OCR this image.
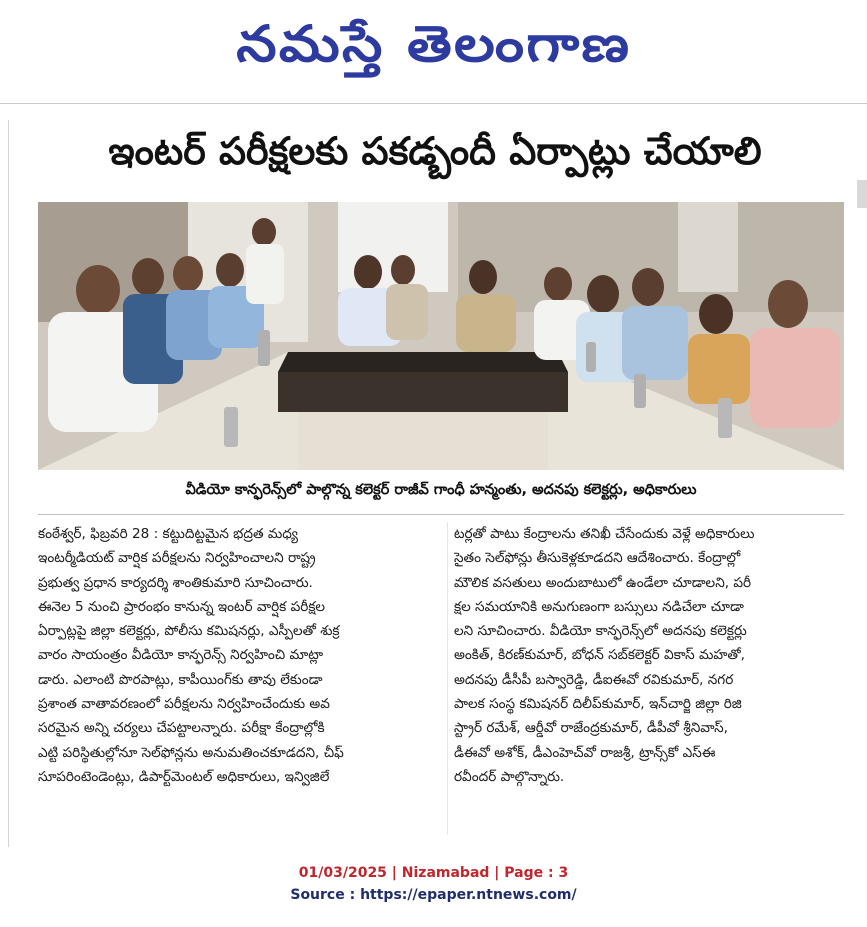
నమస్తే తెలంగాణ
ఇంటర్ పరీక్షలకు పకడ్బందీ ఏర్పాట్లు చేయాలి
వీడియో కాన్ఫరెన్స్‌లో పాల్గొన్న కలెక్టర్ రాజీవ్ గాంధీ హన్మంతు, అదనపు కలెక్టర్లు, అధికారులు
కంఠేశ్వర్, ఫిబ్రవరి 28 : కట్టుదిట్టమైన భద్రత మధ్య
ఇంటర్మీడియట్ వార్షిక పరీక్షలను నిర్వహించాలని రాష్ట్ర
ప్రభుత్వ ప్రధాన కార్యదర్శి శాంతికుమారి సూచించారు.
ఈనెల 5 నుంచి ప్రారంభం కానున్న ఇంటర్ వార్షిక పరీక్షల
ఏర్పాట్లపై జిల్లా కలెక్టర్లు, పోలీసు కమిషనర్లు, ఎస్పీలతో శుక్ర
వారం సాయంత్రం వీడియో కాన్ఫరెన్స్ నిర్వహించి మాట్లా
డారు. ఎలాంటి పొరపాట్లు, కాపీయింగ్‌కు తావు లేకుండా
ప్రశాంత వాతావరణంలో పరీక్షలను నిర్వహించేందుకు అవ
సరమైన అన్ని చర్యలు చేపట్టాలన్నారు. పరీక్షా కేంద్రాల్లోకి
ఎట్టి పరిస్థితుల్లోనూ సెల్‌ఫోన్లను అనుమతించకూడదని, చీఫ్
సూపరింటెండెంట్లు, డిపార్ట్‌మెంటల్ అధికారులు, ఇన్విజిలే
టర్లతో పాటు కేంద్రాలను తనిఖీ చేసేందుకు వెళ్లే అధికారులు
సైతం సెల్‌ఫోన్లు తీసుకెళ్లకూడదని ఆదేశించారు. కేంద్రాల్లో
మౌలిక వసతులు అందుబాటులో ఉండేలా చూడాలని, పరీ
క్షల సమయానికి అనుగుణంగా బస్సులు నడిచేలా చూడా
లని సూచించారు. వీడియో కాన్ఫరెన్స్‌లో అదనపు కలెక్టర్లు
అంకిత్, కిరణ్‌కుమార్, బోధన్ సబ్‌కలెక్టర్ వికాస్ మహతో,
అదనపు డీసీపీ బస్వారెడ్డి, డీఐఈవో రవికుమార్, నగర
పాలక సంస్థ కమిషనర్ దిలీప్‌కుమార్, ఇన్‌చార్జి జిల్లా రిజి
స్ట్రార్ రమేశ్, ఆర్డీవో రాజేంద్రకుమార్, డీపీవో శ్రీనివాస్,
డీఈవో అశోక్, డీఎంహెచ్‌వో రాజశ్రీ, ట్రాన్స్‌కో ఎస్ఈ
రవీందర్ పాల్గొన్నారు.
01/03/2025 | Nizamabad | Page : 3
Source : https://epaper.ntnews.com/
